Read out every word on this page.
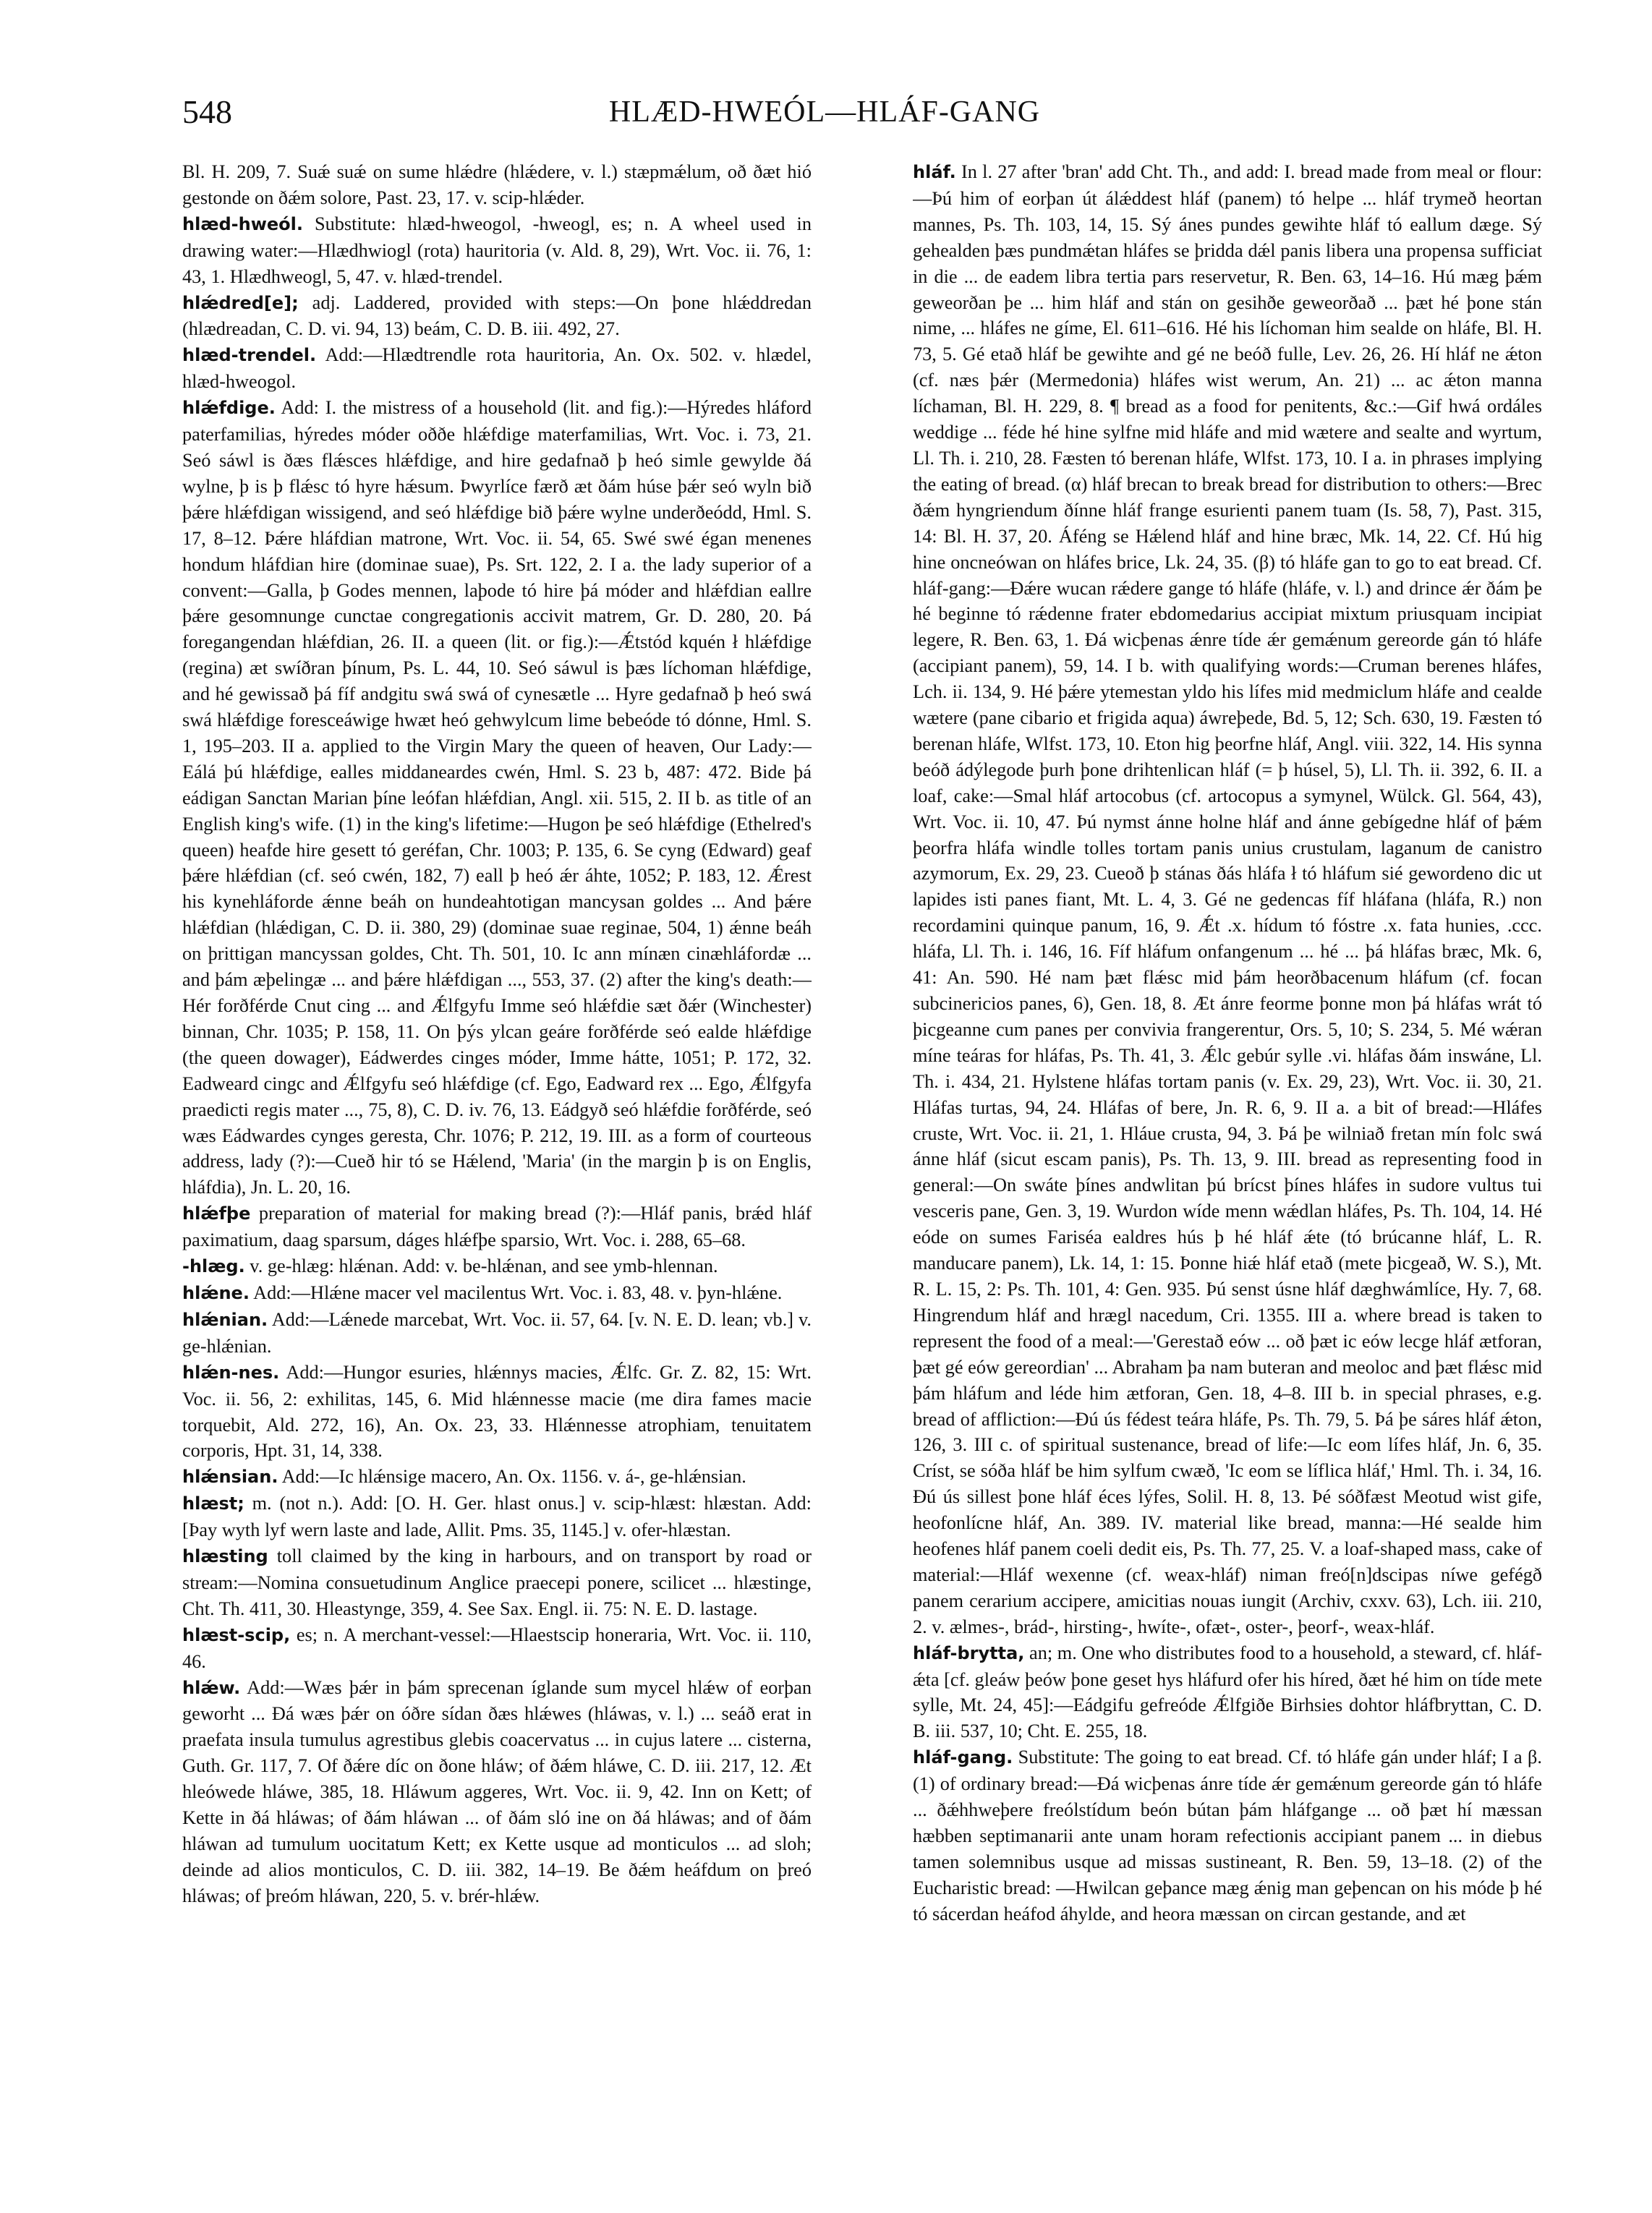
548	HLÆD-HWEÓL—HLÁF-GANG

Bl. H. 209, 7. Suǽ suǽ on sume hlǽdre (hlǽdere, v. l.) stæpmǽlum, oð ðæt hió gestonde on ðǽm solore, Past. 23, 17. v. scip-hlǽder.

hlæd-hweól. Substitute: hlæd-hweogol, -hweogl, es; n. A wheel used in drawing water:—Hlædhwiogl (rota) hauritoria (v. Ald. 8, 29), Wrt. Voc. ii. 76, 1: 43, 1. Hlædhweogl, 5, 47. v. hlæd-trendel.

hlǽdred[e]; adj. Laddered, provided with steps:—On þone hlǽddredan (hlædreadan, C. D. vi. 94, 13) beám, C. D. B. iii. 492, 27.

hlæd-trendel. Add:—Hlædtrendle rota hauritoria, An. Ox. 502. v. hlædel, hlæd-hweogol.

hlǽfdige. Add: I. the mistress of a household (lit. and fig.):—Hýredes hláford paterfamilias, hýredes móder oððe hlǽfdige materfamilias, Wrt. Voc. i. 73, 21. Seó sáwl is ðæs flǽsces hlǽfdige, and hire gedafnað þ heó simle gewylde ðá wylne, þ is þ flǽsc tó hyre hǽsum. Þwyrlíce færð æt ðám húse þǽr seó wyln bið þǽre hlǽfdigan wissigend, and seó hlǽfdige bið þǽre wylne underðeódd, Hml. S. 17, 8–12. Þǽre hláfdian matrone, Wrt. Voc. ii. 54, 65. Swé swé égan menenes hondum hláfdian hire (dominae suae), Ps. Srt. 122, 2. I a. the lady superior of a convent:—Galla, þ Godes mennen, laþode tó hire þá móder and hlǽfdian eallre þǽre gesomnunge cunctae congregationis accivit matrem, Gr. D. 280, 20. Þá foregangendan hlǽfdian, 26. II. a queen (lit. or fig.):—Ǽtstód kquén ł hlǽfdige (regina) æt swíðran þínum, Ps. L. 44, 10. Seó sáwul is þæs líchoman hlǽfdige, and hé gewissað þá fíf andgitu swá swá of cynesætle ... Hyre gedafnað þ heó swá swá hlǽfdige foresceáwige hwæt heó gehwylcum lime bebeóde tó dónne, Hml. S. 1, 195–203. II a. applied to the Virgin Mary the queen of heaven, Our Lady:—Eálá þú hlǽfdige, ealles middaneardes cwén, Hml. S. 23 b, 487: 472. Bide þá eádigan Sanctan Marian þíne leófan hlǽfdian, Angl. xii. 515, 2. II b. as title of an English king's wife. (1) in the king's lifetime:—Hugon þe seó hlǽfdige (Ethelred's queen) heafde hire gesett tó geréfan, Chr. 1003; P. 135, 6. Se cyng (Edward) geaf þǽre hlǽfdian (cf. seó cwén, 182, 7) eall þ heó ǽr áhte, 1052; P. 183, 12. Ǽrest his kynehláforde ǽnne beáh on hundeahtotigan mancysan goldes ... And þǽre hlǽfdian (hlǽdigan, C. D. ii. 380, 29) (dominae suae reginae, 504, 1) ǽnne beáh on þrittigan mancyssan goldes, Cht. Th. 501, 10. Ic ann mínæn cinæhláfordæ ... and þám æþelingæ ... and þǽre hlǽfdigan ..., 553, 37. (2) after the king's death:—Hér forðférde Cnut cing ... and Ǽlfgyfu Imme seó hlǽfdie sæt ðǽr (Winchester) binnan, Chr. 1035; P. 158, 11. On þýs ylcan geáre forðférde seó ealde hlǽfdige (the queen dowager), Eádwerdes cinges móder, Imme hátte, 1051; P. 172, 32. Eadweard cingc and Ǽlfgyfu seó hlǽfdige (cf. Ego, Eadward rex ... Ego, Ǽlfgyfa praedicti regis mater ..., 75, 8), C. D. iv. 76, 13. Eádgyð seó hlǽfdie forðférde, seó wæs Eádwardes cynges geresta, Chr. 1076; P. 212, 19. III. as a form of courteous address, lady (?):—Cueð hir tó se Hǽlend, 'Maria' (in the margin þ is on Englis, hláfdia), Jn. L. 20, 16.

hlǽfþe preparation of material for making bread (?):—Hláf panis, brǽd hláf paximatium, daag sparsum, dáges hlǽfþe sparsio, Wrt. Voc. i. 288, 65–68.

-hlæg. v. ge-hlæg: hlǽnan. Add: v. be-hlǽnan, and see ymb-hlennan.

hlǽne. Add:—Hlǽne macer vel macilentus Wrt. Voc. i. 83, 48. v. þyn-hlǽne.

hlǽnian. Add:—Lǽnede marcebat, Wrt. Voc. ii. 57, 64. [v. N. E. D. lean; vb.] v. ge-hlǽnian.

hlǽn-nes. Add:—Hungor esuries, hlǽnnys macies, Ǽlfc. Gr. Z. 82, 15: Wrt. Voc. ii. 56, 2: exhilitas, 145, 6. Mid hlǽnnesse macie (me dira fames macie torquebit, Ald. 272, 16), An. Ox. 23, 33. Hlǽnnesse atrophiam, tenuitatem corporis, Hpt. 31, 14, 338.

hlǽnsian. Add:—Ic hlǽnsige macero, An. Ox. 1156. v. á-, ge-hlǽnsian.

hlæst; m. (not n.). Add: [O. H. Ger. hlast onus.] v. scip-hlæst: hlæstan. Add: [Þay wyth lyf wern laste and lade, Allit. Pms. 35, 1145.] v. ofer-hlæstan.

hlæsting toll claimed by the king in harbours, and on transport by road or stream:—Nomina consuetudinum Anglice praecepi ponere, scilicet ... hlæstinge, Cht. Th. 411, 30. Hleastynge, 359, 4. See Sax. Engl. ii. 75: N. E. D. lastage.

hlæst-scip, es; n. A merchant-vessel:—Hlaestscip honeraria, Wrt. Voc. ii. 110, 46.

hlǽw. Add:—Wæs þǽr in þám sprecenan íglande sum mycel hlǽw of eorþan geworht ... Ðá wæs þǽr on óðre sídan ðæs hlǽwes (hláwas, v. l.) ... seáð erat in praefata insula tumulus agrestibus glebis coacervatus ... in cujus latere ... cisterna, Guth. Gr. 117, 7. Of ðǽre díc on ðone hláw; of ðǽm hláwe, C. D. iii. 217, 12. Æt hleówede hláwe, 385, 18. Hláwum aggeres, Wrt. Voc. ii. 9, 42. Inn on Kett; of Kette in ðá hláwas; of ðám hláwan ... of ðám sló ine on ðá hláwas; and of ðám hláwan ad tumulum uocitatum Kett; ex Kette usque ad monticulos ... ad sloh; deinde ad alios monticulos, C. D. iii. 382, 14–19. Be ðǽm heáfdum on þreó hláwas; of þreóm hláwan, 220, 5. v. brér-hlǽw.

hláf. In l. 27 after 'bran' add Cht. Th., and add: I. bread made from meal or flour:—Þú him of eorþan út álǽddest hláf (panem) tó helpe ... hláf trymeð heortan mannes, Ps. Th. 103, 14, 15. Sý ánes pundes gewihte hláf tó eallum dæge. Sý gehealden þæs pundmǽtan hláfes se þridda dǽl panis libera una propensa sufficiat in die ... de eadem libra tertia pars reservetur, R. Ben. 63, 14–16. Hú mæg þǽm geweorðan þe ... him hláf and stán on gesihðe geweorðað ... þæt hé þone stán nime, ... hláfes ne gíme, El. 611–616. Hé his líchoman him sealde on hláfe, Bl. H. 73, 5. Gé etað hláf be gewihte and gé ne beóð fulle, Lev. 26, 26. Hí hláf ne ǽton (cf. næs þǽr (Mermedonia) hláfes wist werum, An. 21) ... ac ǽton manna líchaman, Bl. H. 229, 8. ¶ bread as a food for penitents, &c.:—Gif hwá ordáles weddige ... féde hé hine sylfne mid hláfe and mid wætere and sealte and wyrtum, Ll. Th. i. 210, 28. Fæsten tó berenan hláfe, Wlfst. 173, 10. I a. in phrases implying the eating of bread. (α) hláf brecan to break bread for distribution to others:—Brec ðǽm hyngriendum ðínne hláf frange esurienti panem tuam (Is. 58, 7), Past. 315, 14: Bl. H. 37, 20. Áféng se Hǽlend hláf and hine bræc, Mk. 14, 22. Cf. Hú hig hine oncneówan on hláfes brice, Lk. 24, 35. (β) tó hláfe gan to go to eat bread. Cf. hláf-gang:—Ðǽre wucan rǽdere gange tó hláfe (hláfe, v. l.) and drince ǽr ðám þe hé beginne tó rǽdenne frater ebdomedarius accipiat mixtum priusquam incipiat legere, R. Ben. 63, 1. Ðá wicþenas ǽnre tíde ǽr gemǽnum gereorde gán tó hláfe (accipiant panem), 59, 14. I b. with qualifying words:—Cruman berenes hláfes, Lch. ii. 134, 9. Hé þǽre ytemestan yldo his lífes mid medmiclum hláfe and cealde wætere (pane cibario et frigida aqua) áwreþede, Bd. 5, 12; Sch. 630, 19. Fæsten tó berenan hláfe, Wlfst. 173, 10. Eton hig þeorfne hláf, Angl. viii. 322, 14. His synna beóð ádýlegode þurh þone drihtenlican hláf (= þ húsel, 5), Ll. Th. ii. 392, 6. II. a loaf, cake:—Smal hláf artocobus (cf. artocopus a symynel, Wülck. Gl. 564, 43), Wrt. Voc. ii. 10, 47. Þú nymst ánne holne hláf and ánne gebígedne hláf of þǽm þeorfra hláfa windle tolles tortam panis unius crustulam, laganum de canistro azymorum, Ex. 29, 23. Cueoð þ stánas ðás hláfa ł tó hláfum sié gewordeno dic ut lapides isti panes fiant, Mt. L. 4, 3. Gé ne gedencas fíf hláfana (hláfa, R.) non recordamini quinque panum, 16, 9. Ǽt .x. hídum tó fóstre .x. fata hunies, .ccc. hláfa, Ll. Th. i. 146, 16. Fíf hláfum onfangenum ... hé ... þá hláfas bræc, Mk. 6, 41: An. 590. Hé nam þæt flǽsc mid þám heorðbacenum hláfum (cf. focan subcinericios panes, 6), Gen. 18, 8. Æt ánre feorme þonne mon þá hláfas wrát tó þicgeanne cum panes per convivia frangerentur, Ors. 5, 10; S. 234, 5. Mé wǽran míne teáras for hláfas, Ps. Th. 41, 3. Ǽlc gebúr sylle .vi. hláfas ðám inswáne, Ll. Th. i. 434, 21. Hylstene hláfas tortam panis (v. Ex. 29, 23), Wrt. Voc. ii. 30, 21. Hláfas turtas, 94, 24. Hláfas of bere, Jn. R. 6, 9. II a. a bit of bread:—Hláfes cruste, Wrt. Voc. ii. 21, 1. Hláue crusta, 94, 3. Þá þe wilniað fretan mín folc swá ánne hláf (sicut escam panis), Ps. Th. 13, 9. III. bread as representing food in general:—On swáte þínes andwlitan þú brícst þínes hláfes in sudore vultus tui vesceris pane, Gen. 3, 19. Wurdon wíde menn wǽdlan hláfes, Ps. Th. 104, 14. Hé eóde on sumes Fariséa ealdres hús þ hé hláf ǽte (tó brúcanne hláf, L. R. manducare panem), Lk. 14, 1: 15. Þonne hiǽ hláf etað (mete þicgeað, W. S.), Mt. R. L. 15, 2: Ps. Th. 101, 4: Gen. 935. Þú senst úsne hláf dæghwámlíce, Hy. 7, 68. Hingrendum hláf and hrægl nacedum, Cri. 1355. III a. where bread is taken to represent the food of a meal:—'Gerestað eów ... oð þæt ic eów lecge hláf ætforan, þæt gé eów gereordian' ... Abraham þa nam buteran and meoloc and þæt flǽsc mid þám hláfum and léde him ætforan, Gen. 18, 4–8. III b. in special phrases, e.g. bread of affliction:—Ðú ús fédest teára hláfe, Ps. Th. 79, 5. Þá þe sáres hláf ǽton, 126, 3. III c. of spiritual sustenance, bread of life:—Ic eom lífes hláf, Jn. 6, 35. Críst, se sóða hláf be him sylfum cwæð, 'Ic eom se líflica hláf,' Hml. Th. i. 34, 16. Ðú ús sillest þone hláf éces lýfes, Solil. H. 8, 13. Þé sóðfæst Meotud wist gife, heofonlícne hláf, An. 389. IV. material like bread, manna:—Hé sealde him heofenes hláf panem coeli dedit eis, Ps. Th. 77, 25. V. a loaf-shaped mass, cake of material:—Hláf wexenne (cf. weax-hláf) niman freó[n]dscipas níwe gefégð panem cerarium accipere, amicitias nouas iungit (Archiv, cxxv. 63), Lch. iii. 210, 2. v. ælmes-, brád-, hirsting-, hwíte-, ofæt-, oster-, þeorf-, weax-hláf.

hláf-brytta, an; m. One who distributes food to a household, a steward, cf. hláf-ǽta [cf. gleáw þeów þone geset hys hláfurd ofer his híred, ðæt hé him on tíde mete sylle, Mt. 24, 45]:—Eádgifu gefreóde Ǽlfgiðe Birhsies dohtor hláfbryttan, C. D. B. iii. 537, 10; Cht. E. 255, 18.

hláf-gang. Substitute: The going to eat bread. Cf. tó hláfe gán under hláf; I a β. (1) of ordinary bread:—Ðá wicþenas ánre tíde ǽr gemǽnum gereorde gán tó hláfe ... ðǽhhweþere freólstídum beón bútan þám hláfgange ... oð þæt hí mæssan hæbben septimanarii ante unam horam refectionis accipiant panem ... in diebus tamen solemnibus usque ad missas sustineant, R. Ben. 59, 13–18. (2) of the Eucharistic bread: —Hwilcan geþance mæg ǽnig man geþencan on his móde þ hé tó sácerdan heáfod áhylde, and heora mæssan on circan gestande, and æt
